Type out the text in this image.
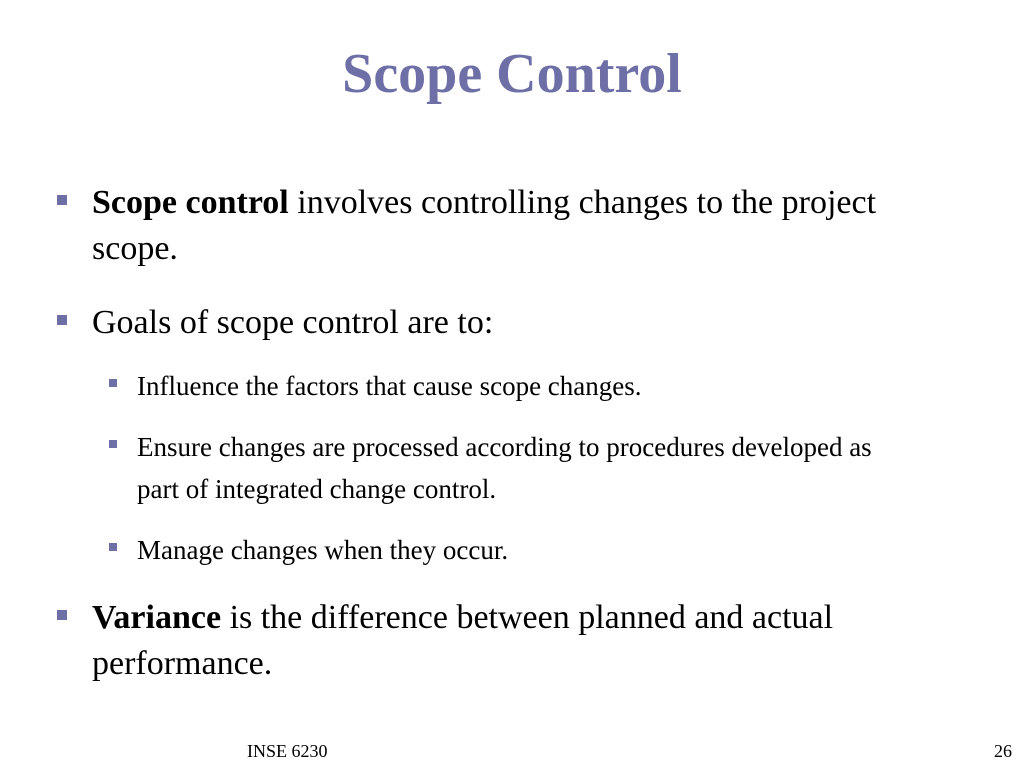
Scope Control
Scope control involves controlling changes to the project scope.
Goals of scope control are to:
Influence the factors that cause scope changes.
Ensure changes are processed according to procedures developed as part of integrated change control.
Manage changes when they occur.
Variance is the difference between planned and actual performance.
INSE 6230	26
